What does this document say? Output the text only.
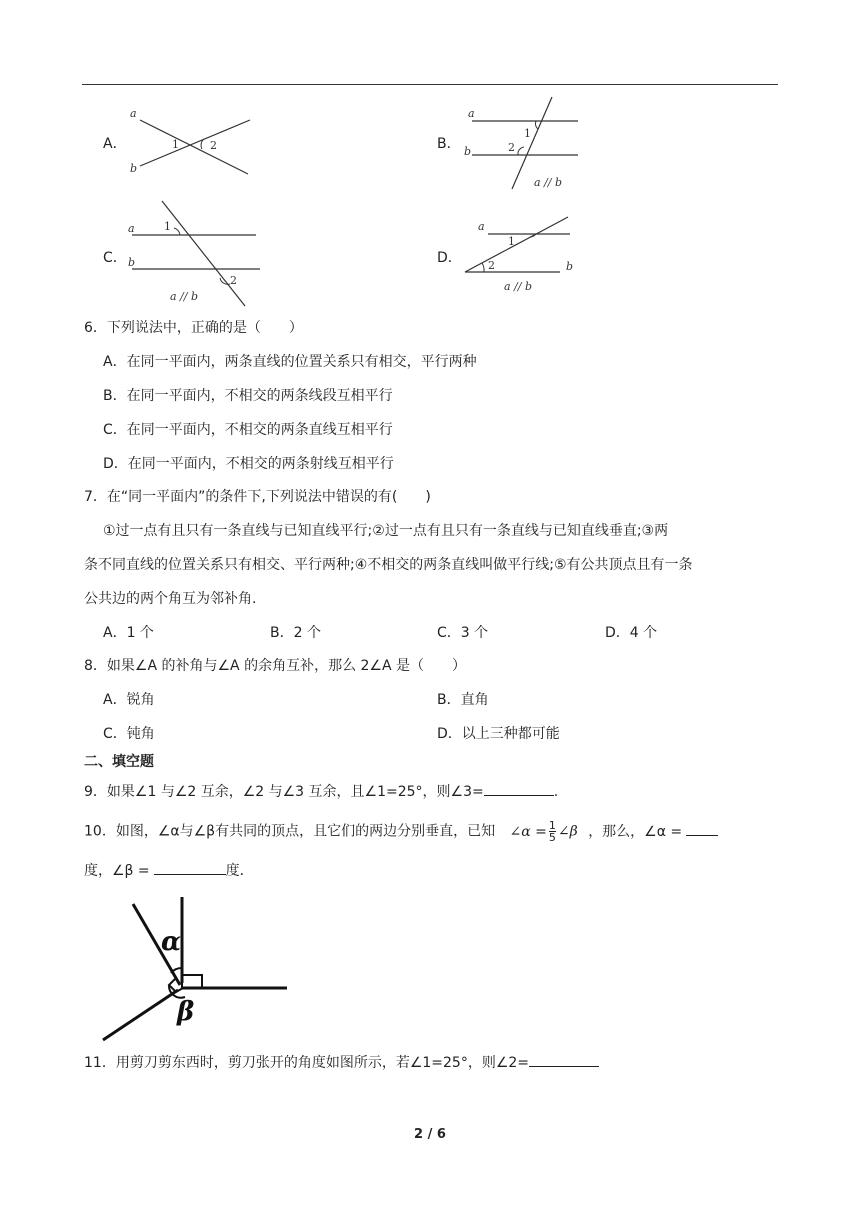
A．
a
b
1	2	B．
a
b
1
2
a // b
C．
a
b
1
2
a // b
D．
a
b
1
2
a // b
6．下列说法中，正确的是（　　）
A．在同一平面内，两条直线的位置关系只有相交，平行两种
B．在同一平面内，不相交的两条线段互相平行
C．在同一平面内，不相交的两条直线互相平行
D．在同一平面内，不相交的两条射线互相平行
7．在“同一平面内”的条件下,下列说法中错误的有(　　)
①过一点有且只有一条直线与已知直线平行;②过一点有且只有一条直线与已知直线垂直;③两
条不同直线的位置关系只有相交、平行两种;④不相交的两条直线叫做平行线;⑤有公共顶点且有一条
公共边的两个角互为邻补角.
A．1 个	B．2 个	C．3 个	D．4 个
8．如果∠A 的补角与∠A 的余角互补，那么 2∠A 是（　　）
A．锐角	B．直角
C．钝角	D．以上三种都可能
二、填空题
9．如果∠1 与∠2 互余，∠2 与∠3 互余，且∠1=25°，则∠3=	.
10．如图，∠α与∠β有共同的顶点，且它们的两边分别垂直，已知 ∠α = $\frac{1}{5}$ ∠β ，那么，∠α =
度，∠β =	度．
α
β
11．用剪刀剪东西时，剪刀张开的角度如图所示，若∠1=25°，则∠2=
2 / 6
